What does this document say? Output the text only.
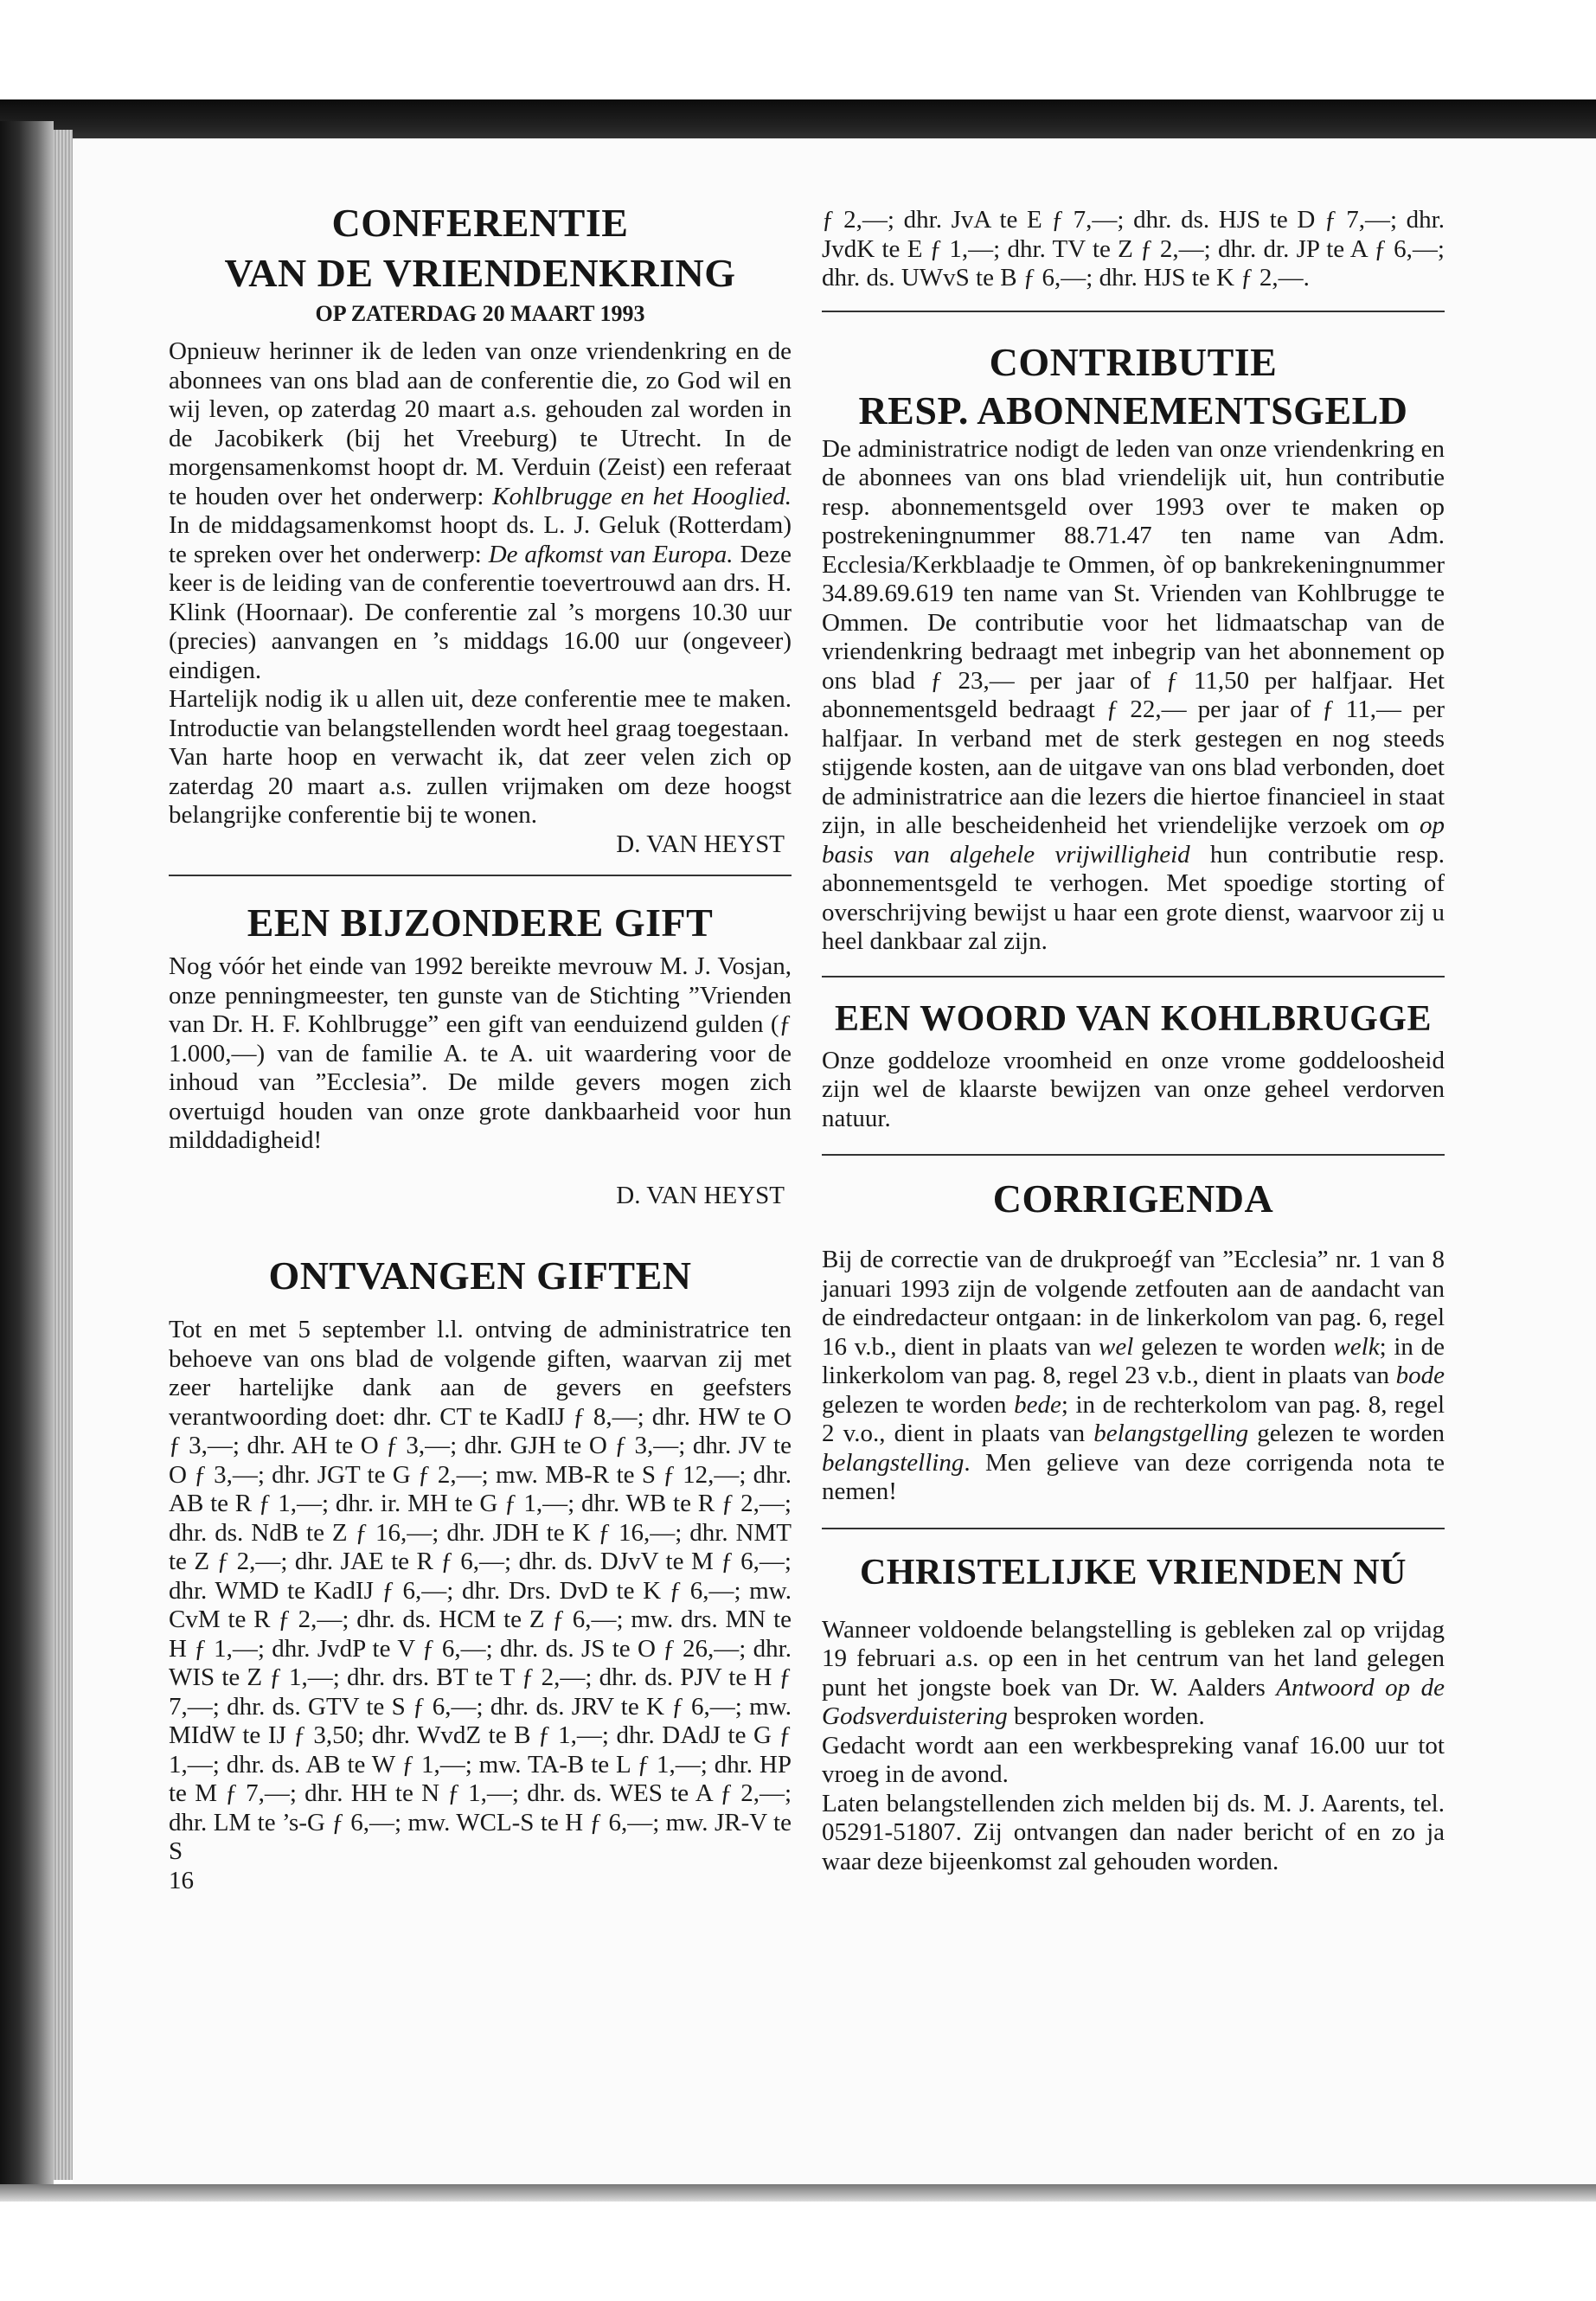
CONFERENTIE
VAN DE VRIENDENKRING
OP ZATERDAG 20 MAART 1993

Opnieuw herinner ik de leden van onze vriendenkring en de abonnees van ons blad aan de conferentie die, zo God wil en wij leven, op zaterdag 20 maart a.s. gehouden zal worden in de Jacobikerk (bij het Vreeburg) te Utrecht. In de morgensamenkomst hoopt dr. M. Verduin (Zeist) een referaat te houden over het onderwerp: Kohlbrugge en het Hooglied. In de middagsamenkomst hoopt ds. L. J. Geluk (Rotterdam) te spreken over het onderwerp: De afkomst van Europa. Deze keer is de leiding van de conferentie toevertrouwd aan drs. H. Klink (Hoornaar). De conferentie zal ’s morgens 10.30 uur (precies) aanvangen en ’s middags 16.00 uur (ongeveer) eindigen.

Hartelijk nodig ik u allen uit, deze conferentie mee te maken. Introductie van belangstellenden wordt heel graag toegestaan.

Van harte hoop en verwacht ik, dat zeer velen zich op zaterdag 20 maart a.s. zullen vrijmaken om deze hoogst belangrijke conferentie bij te wonen.

D. VAN HEYST

EEN BIJZONDERE GIFT

Nog vóór het einde van 1992 bereikte mevrouw M. J. Vosjan, onze penningmeester, ten gunste van de Stichting ”Vrienden van Dr. H. F. Kohlbrugge” een gift van eenduizend gulden (ƒ 1.000,—) van de familie A. te A. uit waardering voor de inhoud van ”Ecclesia”. De milde gevers mogen zich overtuigd houden van onze grote dankbaarheid voor hun milddadigheid!

D. VAN HEYST

ONTVANGEN GIFTEN

Tot en met 5 september l.l. ontving de administratrice ten behoeve van ons blad de volgende giften, waarvan zij met zeer hartelijke dank aan de gevers en geefsters verantwoording doet: dhr. CT te KadIJ ƒ 8,—; dhr. HW te O ƒ 3,—; dhr. AH te O ƒ 3,—; dhr. GJH te O ƒ 3,—; dhr. JV te O ƒ 3,—; dhr. JGT te G ƒ 2,—; mw. MB-R te S ƒ 12,—; dhr. AB te R ƒ 1,—; dhr. ir. MH te G ƒ 1,—; dhr. WB te R ƒ 2,—; dhr. ds. NdB te Z ƒ 16,—; dhr. JDH te K ƒ 16,—; dhr. NMT te Z ƒ 2,—; dhr. JAE te R ƒ 6,—; dhr. ds. DJvV te M ƒ 6,—; dhr. WMD te KadIJ ƒ 6,—; dhr. Drs. DvD te K ƒ 6,—; mw. CvM te R ƒ 2,—; dhr. ds. HCM te Z ƒ 6,—; mw. drs. MN te H ƒ 1,—; dhr. JvdP te V ƒ 6,—; dhr. ds. JS te O ƒ 26,—; dhr. WIS te Z ƒ 1,—; dhr. drs. BT te T ƒ 2,—; dhr. ds. PJV te H ƒ 7,—; dhr. ds. GTV te S ƒ 6,—; dhr. ds. JRV te K ƒ 6,—; mw. MIdW te IJ ƒ 3,50; dhr. WvdZ te B ƒ 1,—; dhr. DAdJ te G ƒ 1,—; dhr. ds. AB te W ƒ 1,—; mw. TA-B te L ƒ 1,—; dhr. HP te M ƒ 7,—; dhr. HH te N ƒ 1,—; dhr. ds. WES te A ƒ 2,—; dhr. LM te ’s-G ƒ 6,—; mw. WCL-S te H ƒ 6,—; mw. JR-V te S

16

ƒ 2,—; dhr. JvA te E ƒ 7,—; dhr. ds. HJS te D ƒ 7,—; dhr. JvdK te E ƒ 1,—; dhr. TV te Z ƒ 2,—; dhr. dr. JP te A ƒ 6,—; dhr. ds. UWvS te B ƒ 6,—; dhr. HJS te K ƒ 2,—.

CONTRIBUTIE
RESP. ABONNEMENTSGELD

De administratrice nodigt de leden van onze vriendenkring en de abonnees van ons blad vriendelijk uit, hun contributie resp. abonnementsgeld over 1993 over te maken op postrekeningnummer 88.71.47 ten name van Adm. Ecclesia/Kerkblaadje te Ommen, òf op bankrekeningnummer 34.89.69.619 ten name van St. Vrienden van Kohlbrugge te Ommen. De contributie voor het lidmaatschap van de vriendenkring bedraagt met inbegrip van het abonnement op ons blad ƒ 23,— per jaar of ƒ 11,50 per halfjaar. Het abonnementsgeld bedraagt ƒ 22,— per jaar of ƒ 11,— per halfjaar. In verband met de sterk gestegen en nog steeds stijgende kosten, aan de uitgave van ons blad verbonden, doet de administratrice aan die lezers die hiertoe financieel in staat zijn, in alle bescheidenheid het vriendelijke verzoek om op basis van algehele vrijwilligheid hun contributie resp. abonnementsgeld te verhogen. Met spoedige storting of overschrijving bewijst u haar een grote dienst, waarvoor zij u heel dankbaar zal zijn.

EEN WOORD VAN KOHLBRUGGE

Onze goddeloze vroomheid en onze vrome goddeloosheid zijn wel de klaarste bewijzen van onze geheel verdorven natuur.

CORRIGENDA

Bij de correctie van de drukproeǵf van ”Ecclesia” nr. 1 van 8 januari 1993 zijn de volgende zetfouten aan de aandacht van de eindredacteur ontgaan: in de linkerkolom van pag. 6, regel 16 v.b., dient in plaats van wel gelezen te worden welk; in de linkerkolom van pag. 8, regel 23 v.b., dient in plaats van bode gelezen te worden bede; in de rechterkolom van pag. 8, regel 2 v.o., dient in plaats van belangstgelling gelezen te worden belangstelling. Men gelieve van deze corrigenda nota te nemen!

CHRISTELIJKE VRIENDEN NÚ

Wanneer voldoende belangstelling is gebleken zal op vrijdag 19 februari a.s. op een in het centrum van het land gelegen punt het jongste boek van Dr. W. Aalders Antwoord op de Godsverduistering besproken worden.

Gedacht wordt aan een werkbespreking vanaf 16.00 uur tot vroeg in de avond.

Laten belangstellenden zich melden bij ds. M. J. Aarents, tel. 05291-51807. Zij ontvangen dan nader bericht of en zo ja waar deze bijeenkomst zal gehouden worden.
